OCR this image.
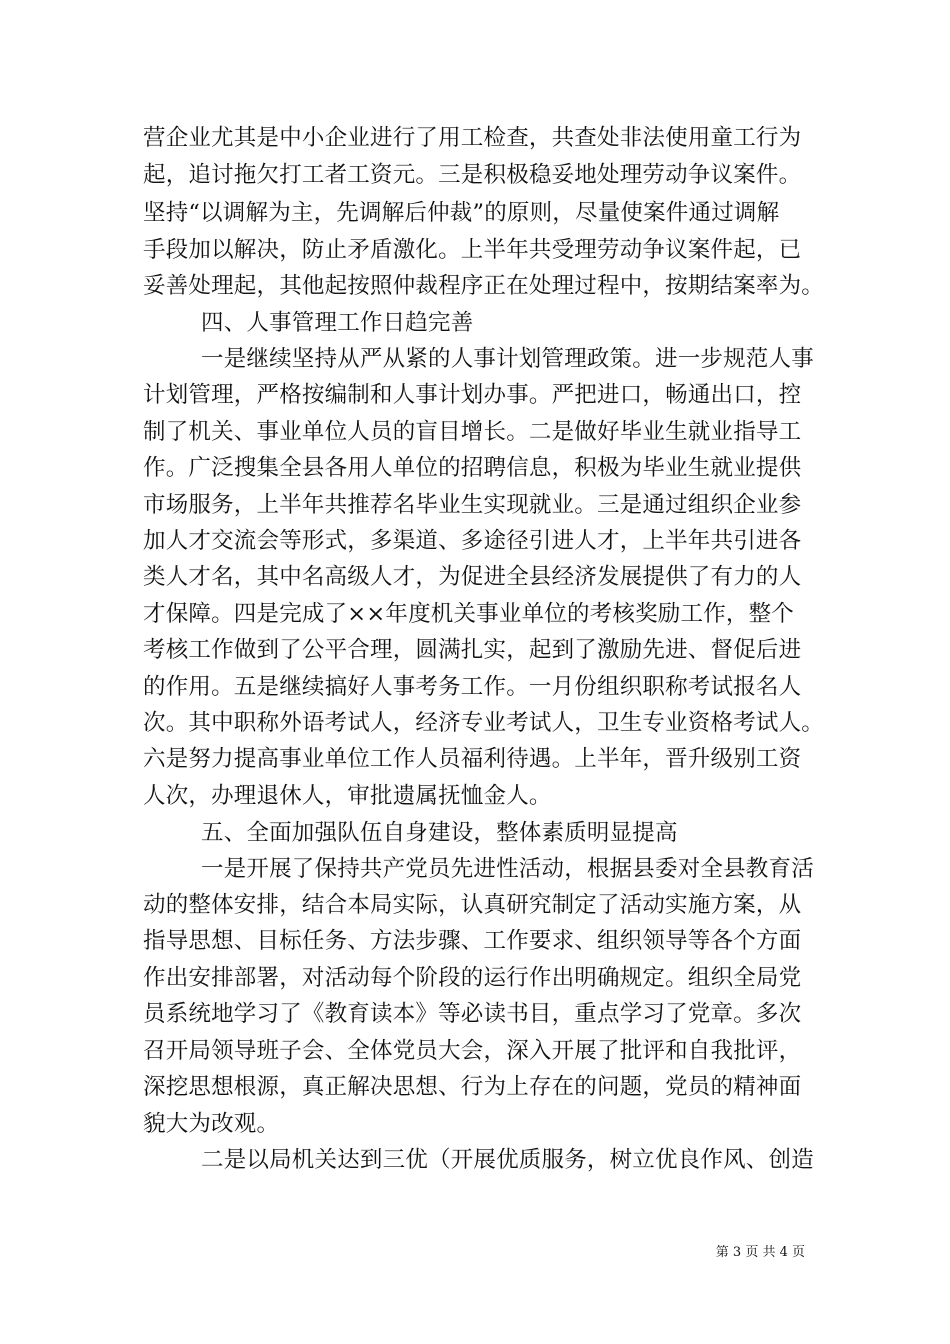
营企业尤其是中小企业进行了用工检查，共查处非法使用童工行为
起，追讨拖欠打工者工资元。三是积极稳妥地处理劳动争议案件。
坚持“以调解为主，先调解后仲裁”的原则，尽量使案件通过调解
手段加以解决，防止矛盾激化。上半年共受理劳动争议案件起，已
妥善处理起，其他起按照仲裁程序正在处理过程中，按期结案率为。
四、人事管理工作日趋完善
一是继续坚持从严从紧的人事计划管理政策。进一步规范人事
计划管理，严格按编制和人事计划办事。严把进口，畅通出口，控
制了机关、事业单位人员的盲目增长。二是做好毕业生就业指导工
作。广泛搜集全县各用人单位的招聘信息，积极为毕业生就业提供
市场服务，上半年共推荐名毕业生实现就业。三是通过组织企业参
加人才交流会等形式，多渠道、多途径引进人才，上半年共引进各
类人才名，其中名高级人才，为促进全县经济发展提供了有力的人
才保障。四是完成了××年度机关事业单位的考核奖励工作，整个
考核工作做到了公平合理，圆满扎实，起到了激励先进、督促后进
的作用。五是继续搞好人事考务工作。一月份组织职称考试报名人
次。其中职称外语考试人，经济专业考试人，卫生专业资格考试人。
六是努力提高事业单位工作人员福利待遇。上半年，晋升级别工资
人次，办理退休人，审批遗属抚恤金人。
五、全面加强队伍自身建设，整体素质明显提高
一是开展了保持共产党员先进性活动，根据县委对全县教育活
动的整体安排，结合本局实际，认真研究制定了活动实施方案，从
指导思想、目标任务、方法步骤、工作要求、组织领导等各个方面
作出安排部署，对活动每个阶段的运行作出明确规定。组织全局党
员系统地学习了《教育读本》等必读书目，重点学习了党章。多次
召开局领导班子会、全体党员大会，深入开展了批评和自我批评，
深挖思想根源，真正解决思想、行为上存在的问题，党员的精神面
貌大为改观。
二是以局机关达到三优（开展优质服务，树立优良作风、创造
第 3 页 共 4 页
